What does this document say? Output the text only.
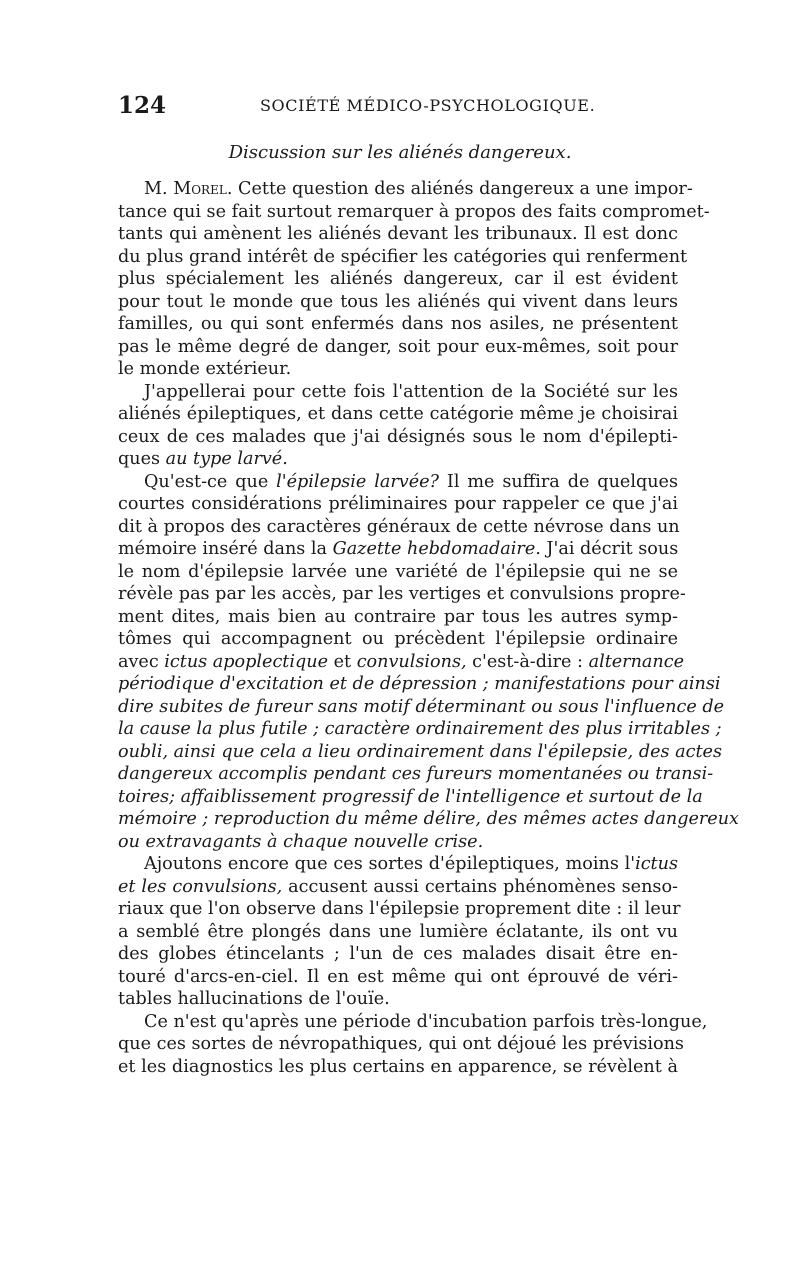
124	SOCIÉTÉ MÉDICO-PSYCHOLOGIQUE.
Discussion sur les aliénés dangereux.
M. Morel. Cette question des aliénés dangereux a une impor-
tance qui se fait surtout remarquer à propos des faits compromet-
tants qui amènent les aliénés devant les tribunaux. Il est donc
du plus grand intérêt de spécifier les catégories qui renferment
plus spécialement les aliénés dangereux, car il est évident
pour tout le monde que tous les aliénés qui vivent dans leurs
familles, ou qui sont enfermés dans nos asiles, ne présentent
pas le même degré de danger, soit pour eux-mêmes, soit pour
le monde extérieur.
J'appellerai pour cette fois l'attention de la Société sur les
aliénés épileptiques, et dans cette catégorie même je choisirai
ceux de ces malades que j'ai désignés sous le nom d'épilepti-
ques au type larvé.
Qu'est-ce que l'épilepsie larvée? Il me suffira de quelques
courtes considérations préliminaires pour rappeler ce que j'ai
dit à propos des caractères généraux de cette névrose dans un
mémoire inséré dans la Gazette hebdomadaire. J'ai décrit sous
le nom d'épilepsie larvée une variété de l'épilepsie qui ne se
révèle pas par les accès, par les vertiges et convulsions propre-
ment dites, mais bien au contraire par tous les autres symp-
tômes qui accompagnent ou précèdent l'épilepsie ordinaire
avec ictus apoplectique et convulsions, c'est-à-dire : alternance
périodique d'excitation et de dépression ; manifestations pour ainsi
dire subites de fureur sans motif déterminant ou sous l'influence de
la cause la plus futile ; caractère ordinairement des plus irritables ;
oubli, ainsi que cela a lieu ordinairement dans l'épilepsie, des actes
dangereux accomplis pendant ces fureurs momentanées ou transi-
toires; affaiblissement progressif de l'intelligence et surtout de la
mémoire ; reproduction du même délire, des mêmes actes dangereux
ou extravagants à chaque nouvelle crise.
Ajoutons encore que ces sortes d'épileptiques, moins l'ictus
et les convulsions, accusent aussi certains phénomènes senso-
riaux que l'on observe dans l'épilepsie proprement dite : il leur
a semblé être plongés dans une lumière éclatante, ils ont vu
des globes étincelants ; l'un de ces malades disait être en-
touré d'arcs-en-ciel. Il en est même qui ont éprouvé de véri-
tables hallucinations de l'ouïe.
Ce n'est qu'après une période d'incubation parfois très-longue,
que ces sortes de névropathiques, qui ont déjoué les prévisions
et les diagnostics les plus certains en apparence, se révèlent à
